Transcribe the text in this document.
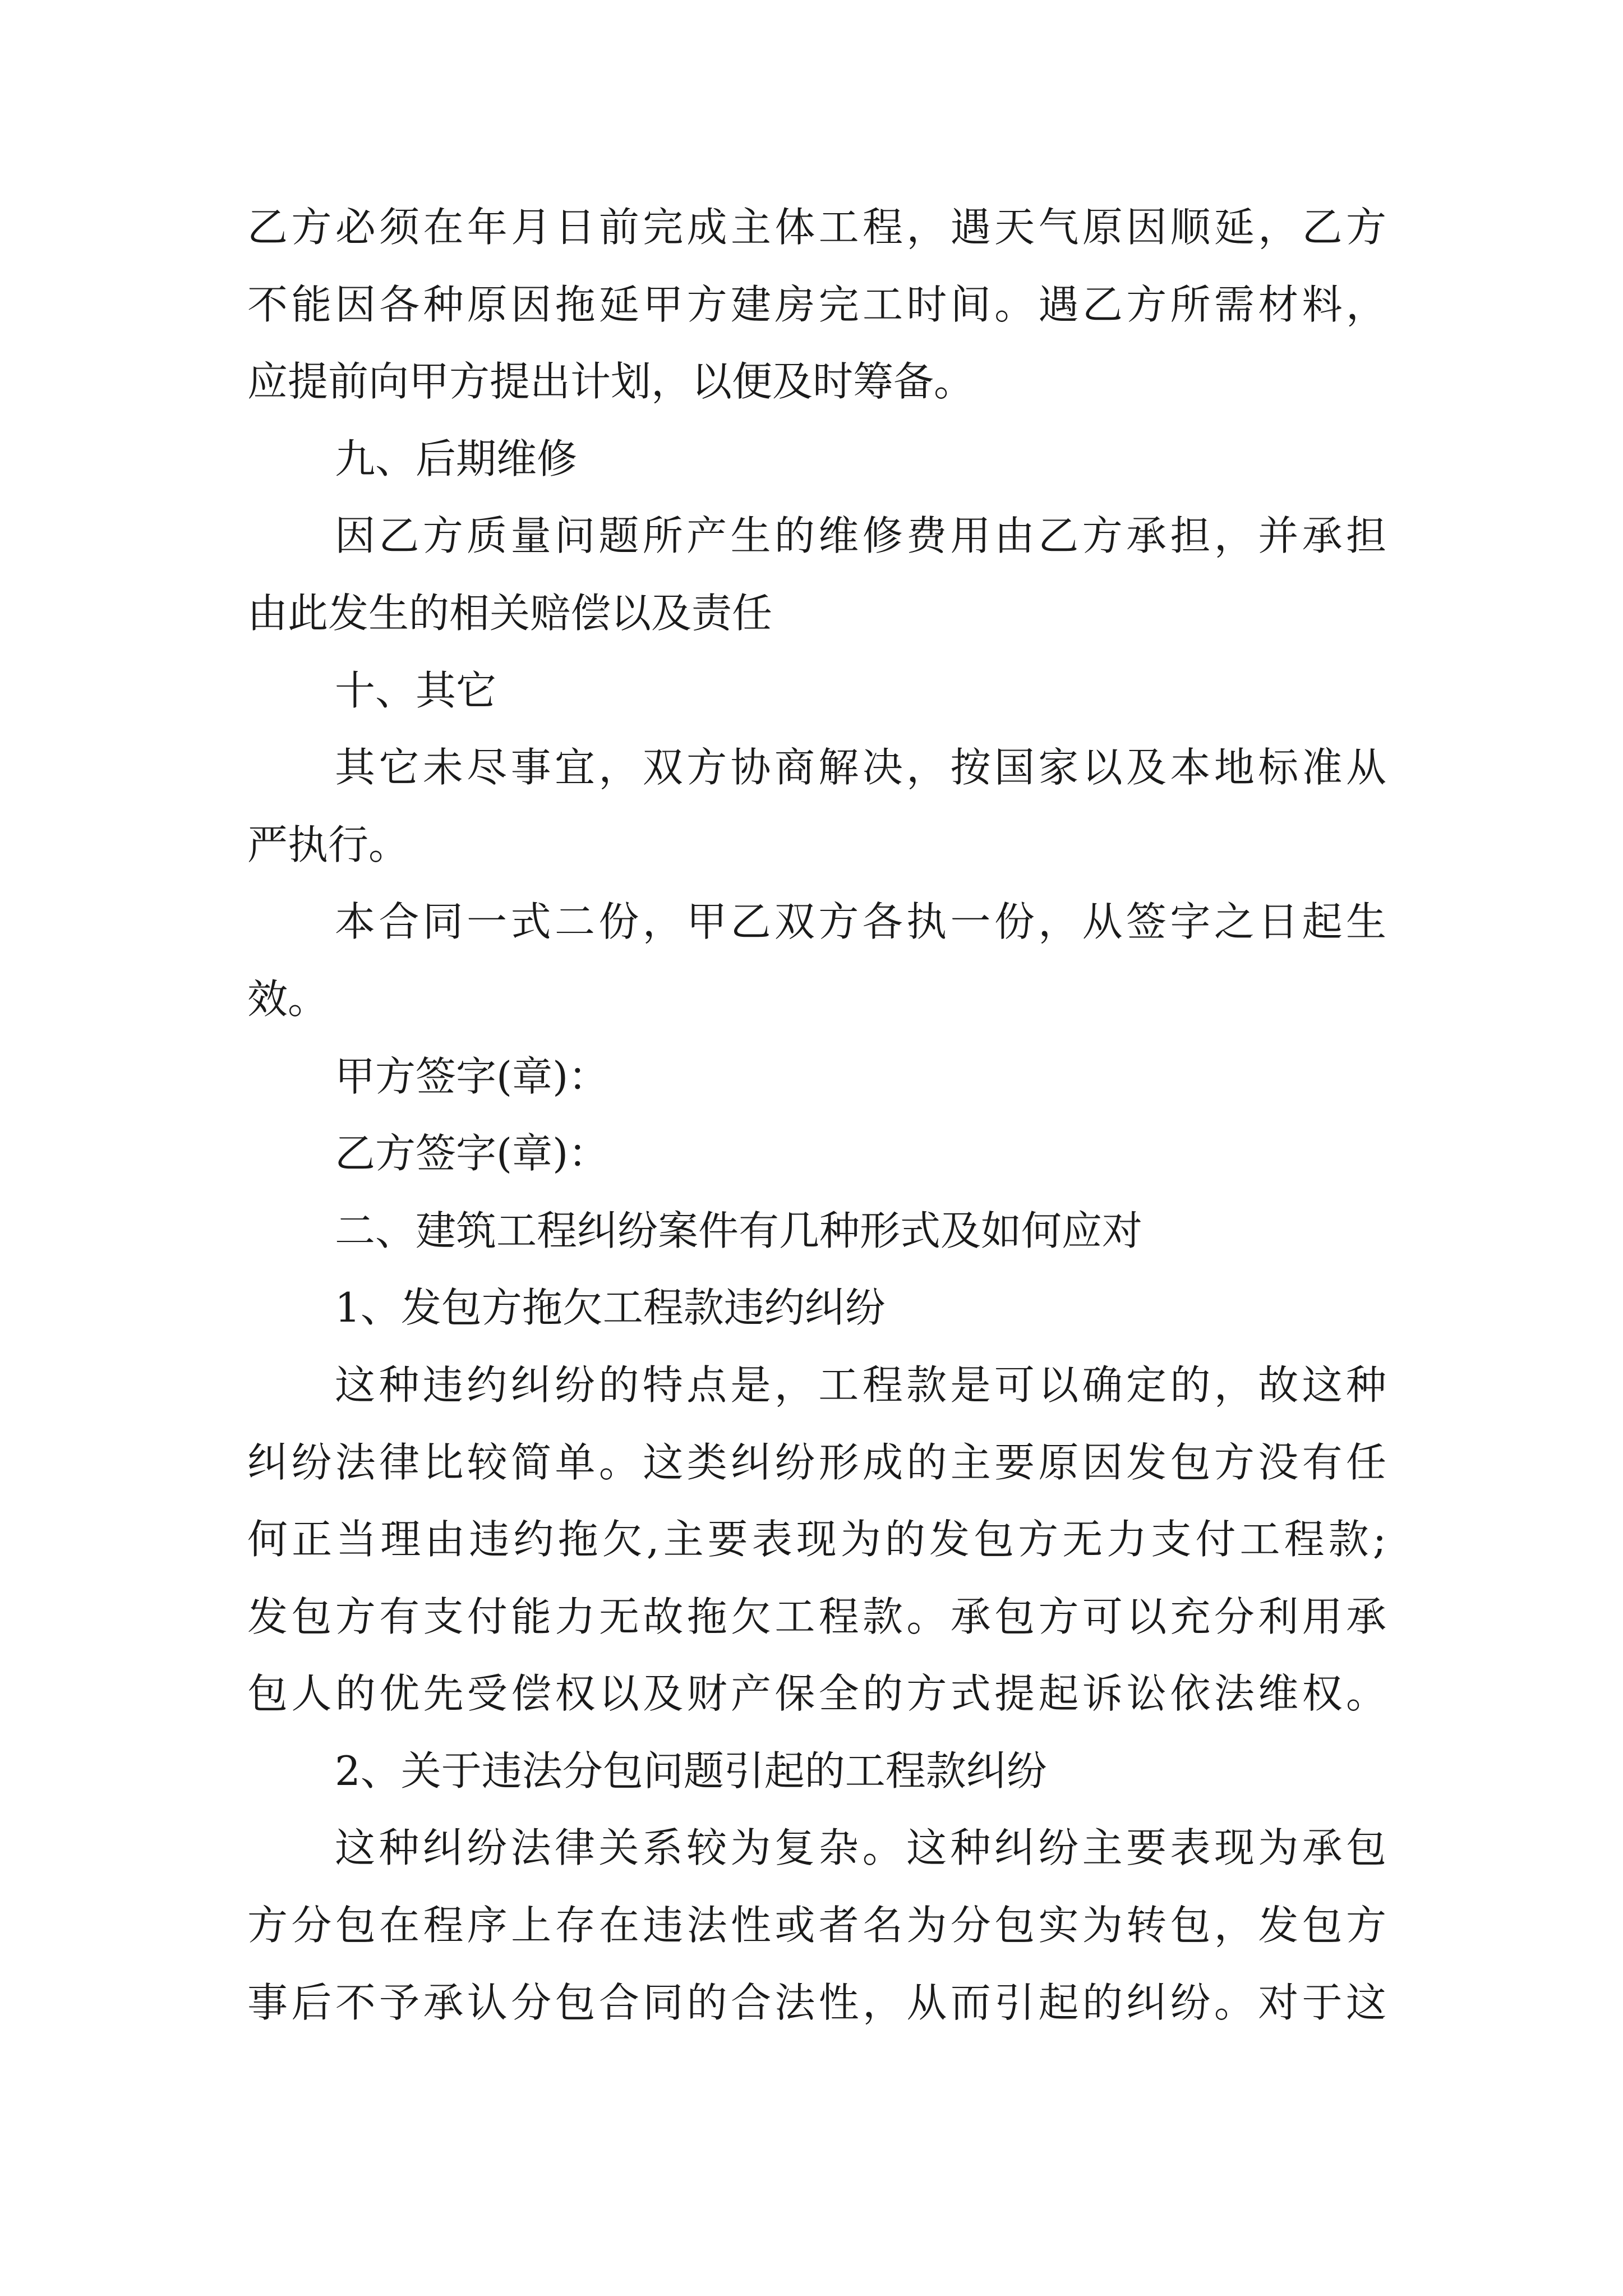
乙方必须在年月日前完成主体工程，遇天气原因顺延，乙方
不能因各种原因拖延甲方建房完工时间。遇乙方所需材料，
应提前向甲方提出计划，以便及时筹备。
九、后期维修
因乙方质量问题所产生的维修费用由乙方承担，并承担
由此发生的相关赔偿以及责任
十、其它
其它未尽事宜，双方协商解决，按国家以及本地标准从
严执行。
本合同一式二份，甲乙双方各执一份，从签字之日起生
效。
甲方签字(章)：
乙方签字(章)：
二、建筑工程纠纷案件有几种形式及如何应对
1、发包方拖欠工程款违约纠纷
这种违约纠纷的特点是，工程款是可以确定的，故这种
纠纷法律比较简单。这类纠纷形成的主要原因发包方没有任
何正当理由违约拖欠,主要表现为的发包方无力支付工程款;
发包方有支付能力无故拖欠工程款。承包方可以充分利用承
包人的优先受偿权以及财产保全的方式提起诉讼依法维权。
2、关于违法分包问题引起的工程款纠纷
这种纠纷法律关系较为复杂。这种纠纷主要表现为承包
方分包在程序上存在违法性或者名为分包实为转包，发包方
事后不予承认分包合同的合法性，从而引起的纠纷。对于这
